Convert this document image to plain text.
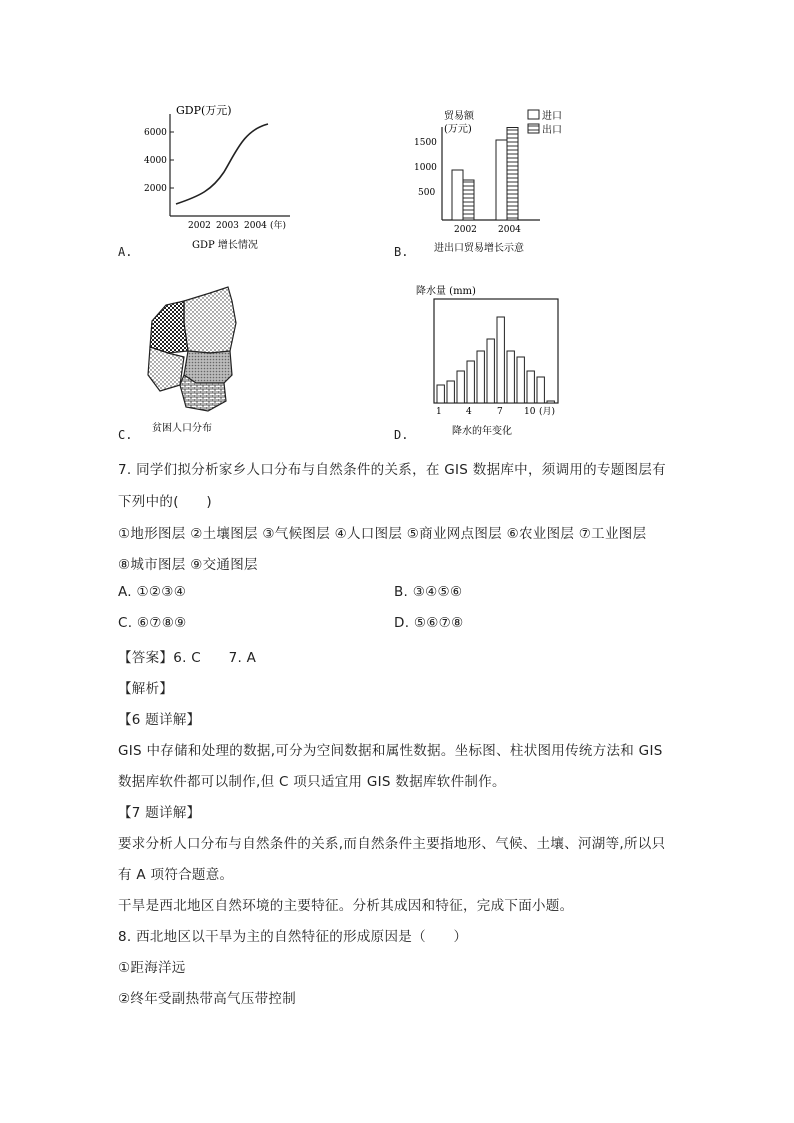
GDP(万元)
6000
4000
2000
2002 2003 2004 (年)
GDP 增长情况
A.
贸易额
(万元)
进口
出口
1500
1000
500
2002 2004
进出口贸易增长示意
B.
贫困人口分布
C.
降水量 (mm)
1	4	7 10 (月)
降水的年变化
D.
7. 同学们拟分析家乡人口分布与自然条件的关系，在 GIS 数据库中，须调用的专题图层有
下列中的(　　)
①地形图层 ②土壤图层 ③气候图层 ④人口图层 ⑤商业网点图层 ⑥农业图层 ⑦工业图层
⑧城市图层 ⑨交通图层
A. ①②③④	B. ③④⑤⑥
C. ⑥⑦⑧⑨	D. ⑤⑥⑦⑧
【答案】6. C　　7. A
【解析】
【6 题详解】
GIS 中存储和处理的数据,可分为空间数据和属性数据。坐标图、柱状图用传统方法和 GIS
数据库软件都可以制作,但 C 项只适宜用 GIS 数据库软件制作。
【7 题详解】
要求分析人口分布与自然条件的关系,而自然条件主要指地形、气候、土壤、河湖等,所以只
有 A 项符合题意。
干旱是西北地区自然环境的主要特征。分析其成因和特征，完成下面小题。
8. 西北地区以干旱为主的自然特征的形成原因是（　　）
①距海洋远
②终年受副热带高气压带控制
